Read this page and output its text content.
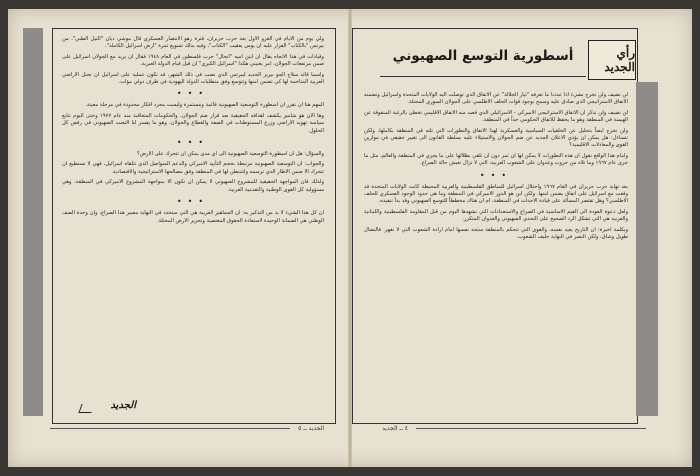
ولي يوم من الايام في الغزو الاول بعد حرب حزيران، فترة رهو الانتصار العسكري قال موشي ديان "النيل الطبي"، من بيرتس "بالكتاب" القرار عليه ان يوس يعقيب "الكتاب"، وفيه بذلك تسويغ ثمرة "ارض اسرائيل الكاملة".

وقيادات في هذا الاتجاه يقال ان ايتن اميه "انجال" حرب فلسطين في العام ١٩٤٨ فقال ان يريد مع الجولان اسرائيل على ضمن مرتفعات الجولان، امر يعنيني هكذا "اسرائيل الكبرى" ان قبل قيام الدولة العبرية.

واسما قائد سلاح الجو بيريز الجديد ليبرتس الذي نصب في ذلك الشهر، قد تكون عملية على اسرائيل ان تحتل الاراضي العربية المتاخمة لها كي تضمن امنها وتتوسع وفق متطلبات الدولة اليهودية في ظرف دولي مؤات.

•••

المهم هنا ان نقرر ان اسطورة التوسعية الصهيونية قائمة ومستمرة وليست مجرد افكار محدودة في مرحلة معينة.

وها الان هو شامير يكشف اهدافه الحقيقية بعد قرار ضم الجولان، والحكومات المتعاقبة منذ عام ١٩٧٧ وحتى اليوم تتابع سياسة تهويد الاراضي وزرع المستوطنات في الضفة والقطاع والجولان، وهو ما يفسر لنا التعنت الصهيوني في رفض كل الحلول.

•••

والسؤال: هل ان اسطورة التوسعية الصهيونية الى اي مدى يمكن ان تتحرك على الارض؟

والجواب: ان التوسعية الصهيونية مرتبطة بحجم التأييد الاميركي والدعم المتواصل الذي تتلقاه اسرائيل، فهي لا تستطيع ان تتحرك الا ضمن الاطار الذي ترسمه واشنطن لها في المنطقة وفق مصالحها الاستراتيجية والاقتصادية.

ولذلك فان المواجهة الحقيقية للمشروع الصهيوني لا يمكن ان تكون الا بمواجهة المشروع الاميركي في المنطقة، وهي مسؤولية كل القوى الوطنية والتقدمية العربية.

•••

ان كل هذا الشيء لا بد من التذكير به: ان الجماهير العربية هي التي ستحدد في النهاية مصير هذا الصراع، وان وحدة الصف الوطني هي الضمانة الوحيدة لاستعادة الحقوق المغتصبة وتحرير الارض المحتلة.

الجديد
الجديد ــ ٥
رأي الجديد
أسطورية التوسع الصهيوني

لن نضيف ولن نخرج بشيء اذا عددنا ما تعرفه "تيار الجلالة" عن الاتفاق الذي توصلت اليه الولايات المتحدة واسرائيل وتضمنه الاتفاق الاستراتيجي الذي صادق عليه وسمح بوجود قوات الحلف الاطلسي على الجولان السوري المحتلة.

لن نضيف ولن نذكر ان الاتفاق الاستراتيجي الاميركي - الاسرائيلي الذي قصد منه الاتفاق الاقليمي تخطى بالرغبة المتفوقة عن الهيمنة في المنطقة وهو ما يحفظ للاتفاق الحكومي حداً في المنطقة.

ولن نخرج ايضاً بتحليل عن الخلفيات السياسية والعسكرية لهذا الاتفاق والتطورات التي تلته في المنطقة بكاملها، ولكن نتساءل: هل يمكن ان يؤدي الاعلان الجديد عن ضم الجولان والاستيلاء عليه بسلطة القانون الى تغيير حقيقي في موازين القوى والمعادلات الاقليمية؟

وامام هذا الواقع نقول ان هذه التطورات لا يمكن لها ان تمر دون ان تلقي بظلالها على ما يجري في المنطقة والعالم، مثل ما جرى عام ١٩٦٧ وما تلاه من حروب وعدوان على الشعوب العربية، التي لا تزال تعيش حالة الصراع.

•••

بعد نهاية حرب حزيران في العام ١٩٦٧ واحتلال اسرائيل للمناطق الفلسطينية والعربية المحيطة كانت الولايات المتحدة قد وقعت مع اسرائيل على اتفاق يضمن امنها. ولكن اين هو الدور الاميركي في المنطقة وما هي حدود الوجود العسكري للحلف الاطلسي؟ وهل تقتصر المسألة على قيادة الاحداث في المنطقة، ام ان هناك مخططاً للتوسع الصهيوني وقد بدأ تنفيذه.

ولعل دعوة العودة الى القيم الاساسية في الصراع والاستعدادات التي نشهدها اليوم من قبل المقاومة الفلسطينية واللبنانية والعربية هي التي تشكل الرد الصحيح على التحدي الصهيوني والعدوان المتكرر.

وبكلمة اخيرة: ان التاريخ يعيد نفسه، والقوى التي تتحكم بالمنطقة ستجد نفسها امام ارادة الشعوب التي لا تقهر. فالنضال طويل وشاق، ولكن النصر في النهاية حليف الشعوب.

٤ ــ الجديد
